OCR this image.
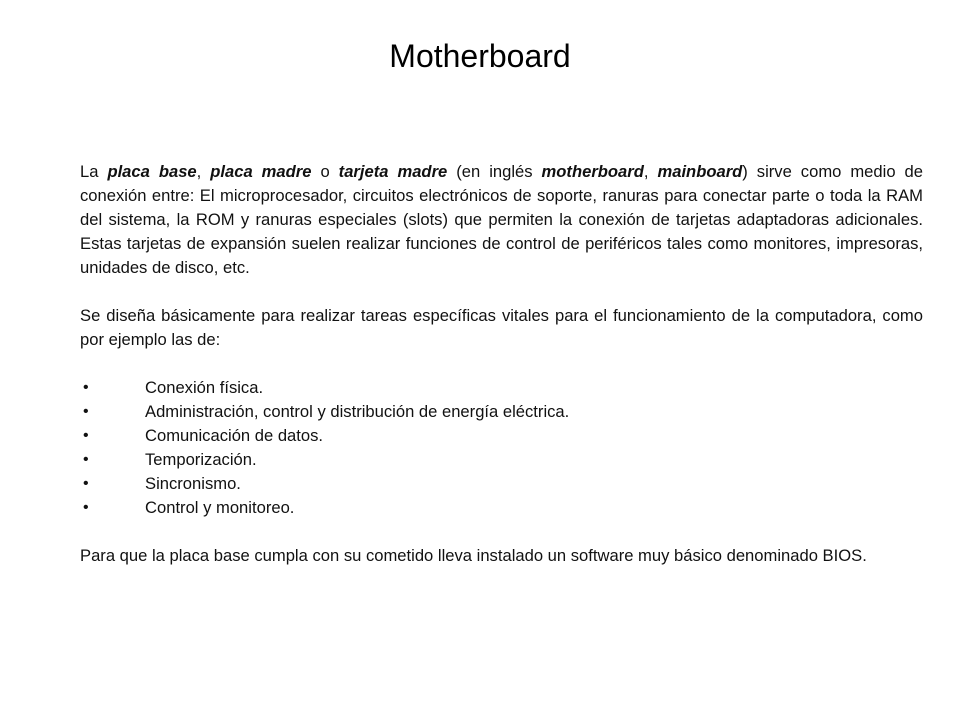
Motherboard

La placa base, placa madre o tarjeta madre (en inglés motherboard, mainboard) sirve como medio de conexión entre: El microprocesador, circuitos electrónicos de soporte, ranuras para conectar parte o toda la RAM del sistema, la ROM y ranuras especiales (slots) que permiten la conexión de tarjetas adaptadoras adicionales. Estas tarjetas de expansión suelen realizar funciones de control de periféricos tales como monitores, impresoras, unidades de disco, etc.

Se diseña básicamente para realizar tareas específicas vitales para el funcionamiento de la computadora, como por ejemplo las de:

•	Conexión física.
•	Administración, control y distribución de energía eléctrica.
•	Comunicación de datos.
•	Temporización.
•	Sincronismo.
•	Control y monitoreo.

Para que la placa base cumpla con su cometido lleva instalado un software muy básico denominado BIOS.
